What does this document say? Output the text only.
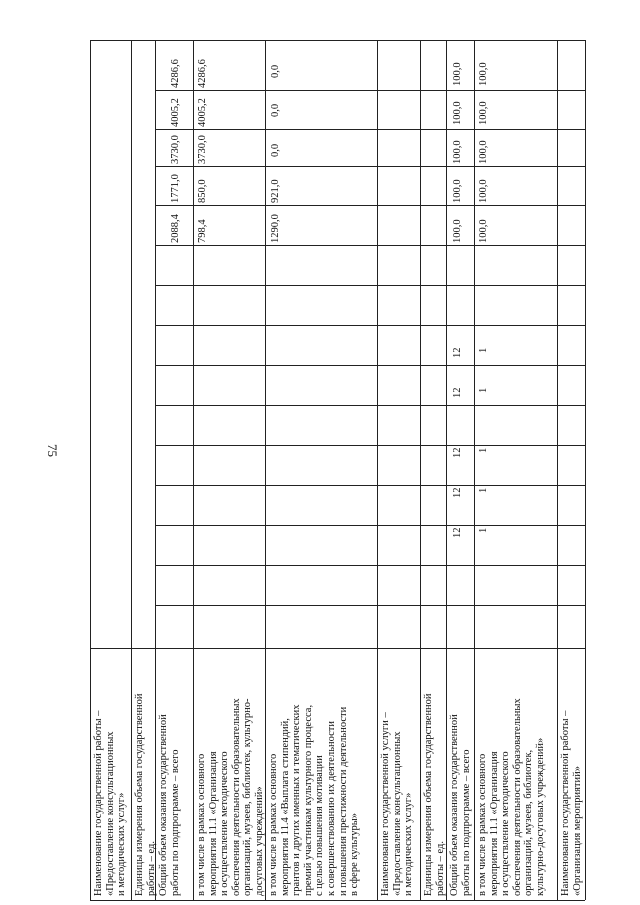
75
Наименование государственной работы –
«Предоставление консультационных
и методических услуг»
Единицы измерения объема государственной
работы – ед.
Общий объем оказания государственной
работы по подпрограмме – всего
в том числе в рамках основного
мероприятия 11.1 «Организация
и осуществление методического
обеспечения деятельности образовательных
организаций, музеев, библиотек, культурно-
досуговых учреждений»
в том числе в рамках основного
мероприятия 11.4 «Выплата стипендий,
грантов и других именных и тематических
премий участникам культурного процесса,
с целью повышения мотивации
к совершенствованию их деятельности
и повышения престижности деятельности
в сфере культуры» Наименование государственной услуги –
«Предоставление консультационных
и методических услуг»
Единицы измерения объема государственной
работы – ед.
Общий объем оказания государственной
работы по подпрограмме – всего
в том числе в рамках основного
мероприятия 11.1 «Организация
и осуществление методического
обеспечения деятельности образовательных
организаций, музеев, библиотек,
культурно-досуговых учреждений»
Наименование государственной работы –
«Организация мероприятий»
2088,4
1771,0
3730,0
4005,2
4286,6
798,4
850,0
3730,0
4005,2
4286,6
1290,0
921,0
0,0
0,0
0,0
12
12
12
12
12
100,0
100,0
100,0
100,0
100,0
1
1
1
1
1
100,0
100,0
100,0
100,0
100,0
